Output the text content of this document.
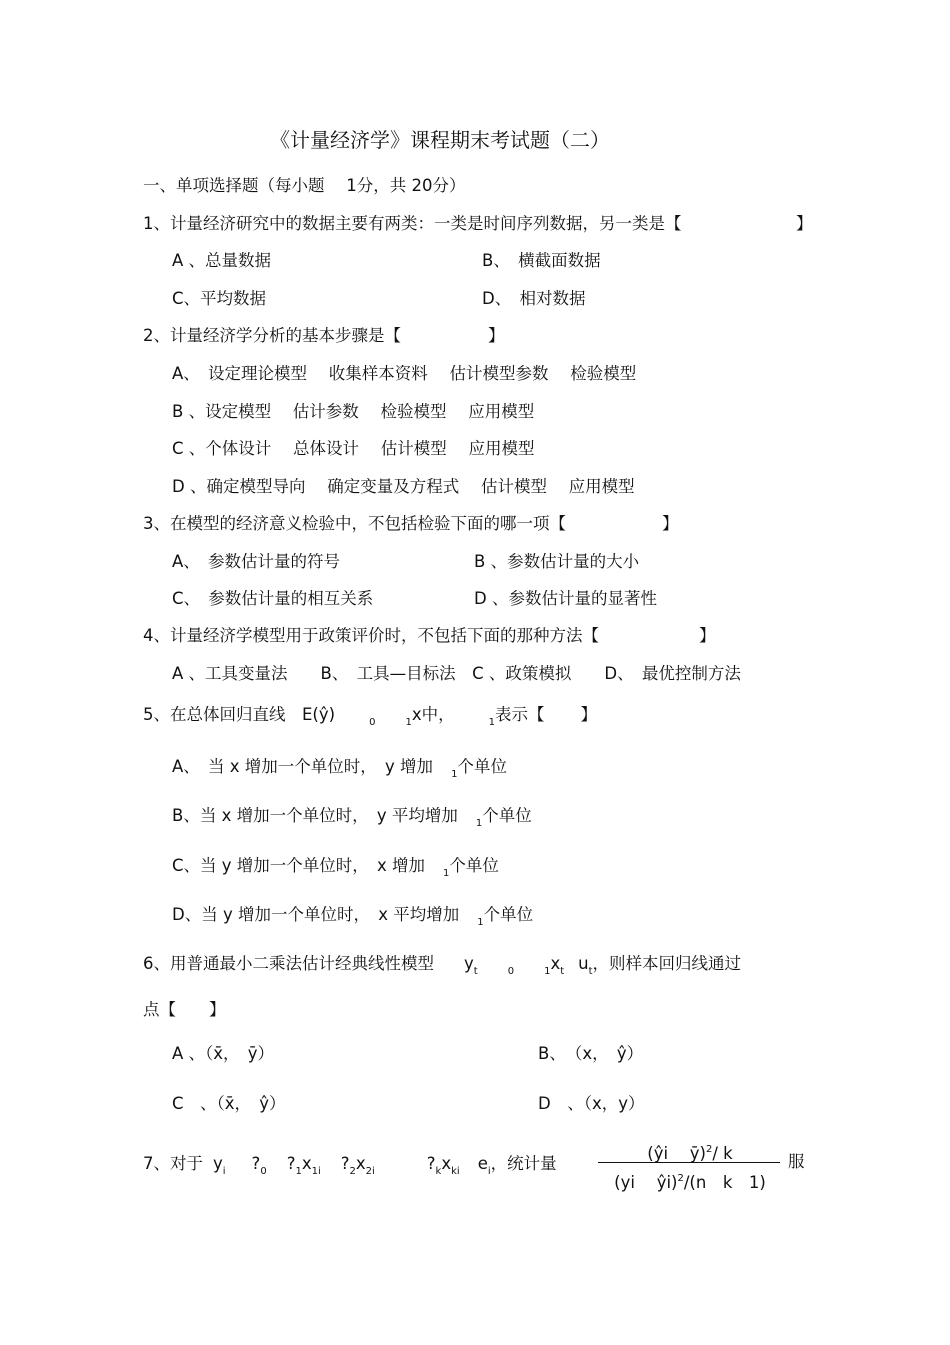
《计量经济学》课程期末考试题（二）
一、单项选择题（每小题　 1分，共 20分）
1、计量经济研究中的数据主要有两类：一类是时间序列数据，另一类是【	】
A 、总量数据	B、　横截面数据
C、平均数据	D、　相对数据
2、计量经济学分析的基本步骤是【	】
A、　设定理论模型　 收集样本资料　 估计模型参数　 检验模型
B 、设定模型　 估计参数　 检验模型　 应用模型
C 、个体设计　 总体设计　 估计模型　 应用模型
D 、确定模型导向　 确定变量及方程式　 估计模型　 应用模型
3、在模型的经济意义检验中，不包括检验下面的哪一项【	】
A、　参数估计量的符号	B 、参数估计量的大小
C、　参数估计量的相互关系	D 、参数估计量的显著性
4、计量经济学模型用于政策评价时，不包括下面的那种方法【	】
A 、工具变量法　　B、　工具—目标法　C 、政策模拟　　D、　最优控制方法
5、在总体回归直线　E(ŷ)	$_0$	$_1$x中，	$_1$表示【 】
A、　当 x 增加一个单位时，　y 增加 $_1$个单位
B、当 x 增加一个单位时，　y 平均增加 $_1$个单位
C、当 y 增加一个单位时，　x 增加 $_1$个单位
D、当 y 增加一个单位时，　x 平均增加 $_1$个单位
6、用普通最小二乘法估计经典线性模型 $y_t$	$_0$	$_1x_t$ $u_t$，则样本回归线通过
点【　　】
A 、（x̄，　ȳ）	B、　（x，　ŷ）
C　、（x̄，　ŷ）	D　、（x，y）
7、对于 $y_i$ $?_0$ $?_1x_{1i}$ $?_2x_{2i}$	$?_kx_{ki}$ $e_i$，统计量
(ŷi　 ȳ)$^2$/ k
(yi　 ŷi)$^2$/(n　k　1)
服
